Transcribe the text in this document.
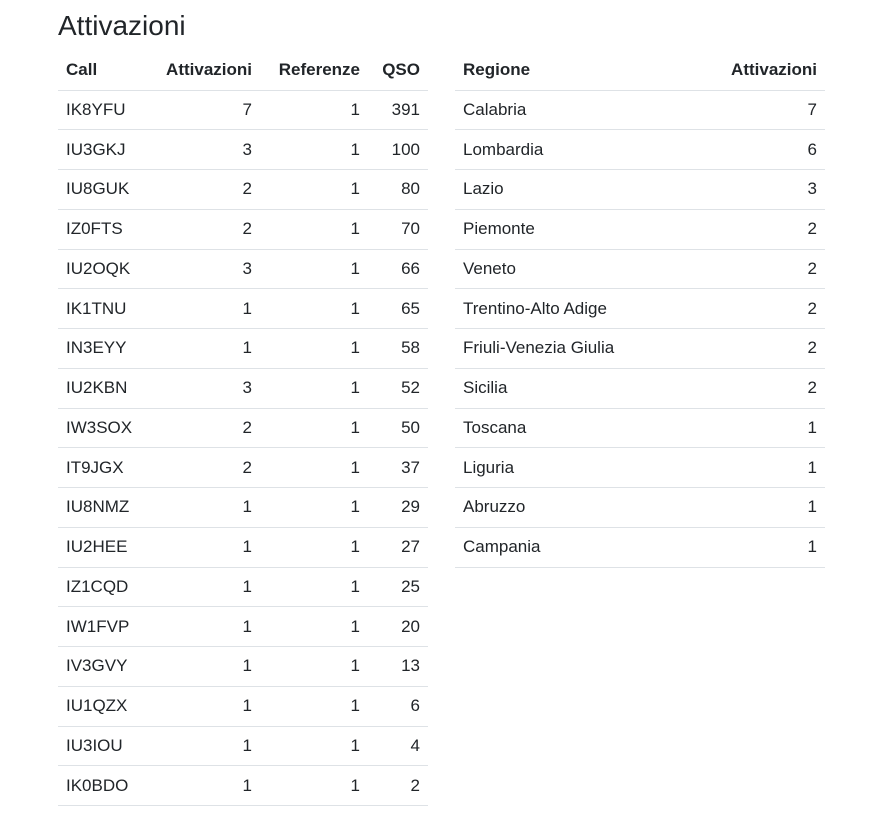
Attivazioni
Call	Attivazioni	Referenze	QSO
IK8YFU	7	1	391
IU3GKJ	3	1	100
IU8GUK	2	1	80
IZ0FTS	2	1	70
IU2OQK	3	1	66
IK1TNU	1	1	65
IN3EYY	1	1	58
IU2KBN	3	1	52
IW3SOX	2	1	50
IT9JGX	2	1	37
IU8NMZ	1	1	29
IU2HEE	1	1	27
IZ1CQD	1	1	25
IW1FVP	1	1	20
IV3GVY	1	1	13
IU1QZX	1	1	6
IU3IOU	1	1	4
IK0BDO	1	1	2
Regione	Attivazioni
Calabria	7
Lombardia	6
Lazio	3
Piemonte	2
Veneto	2
Trentino-Alto Adige	2
Friuli-Venezia Giulia	2
Sicilia	2
Toscana	1
Liguria	1
Abruzzo	1
Campania	1
